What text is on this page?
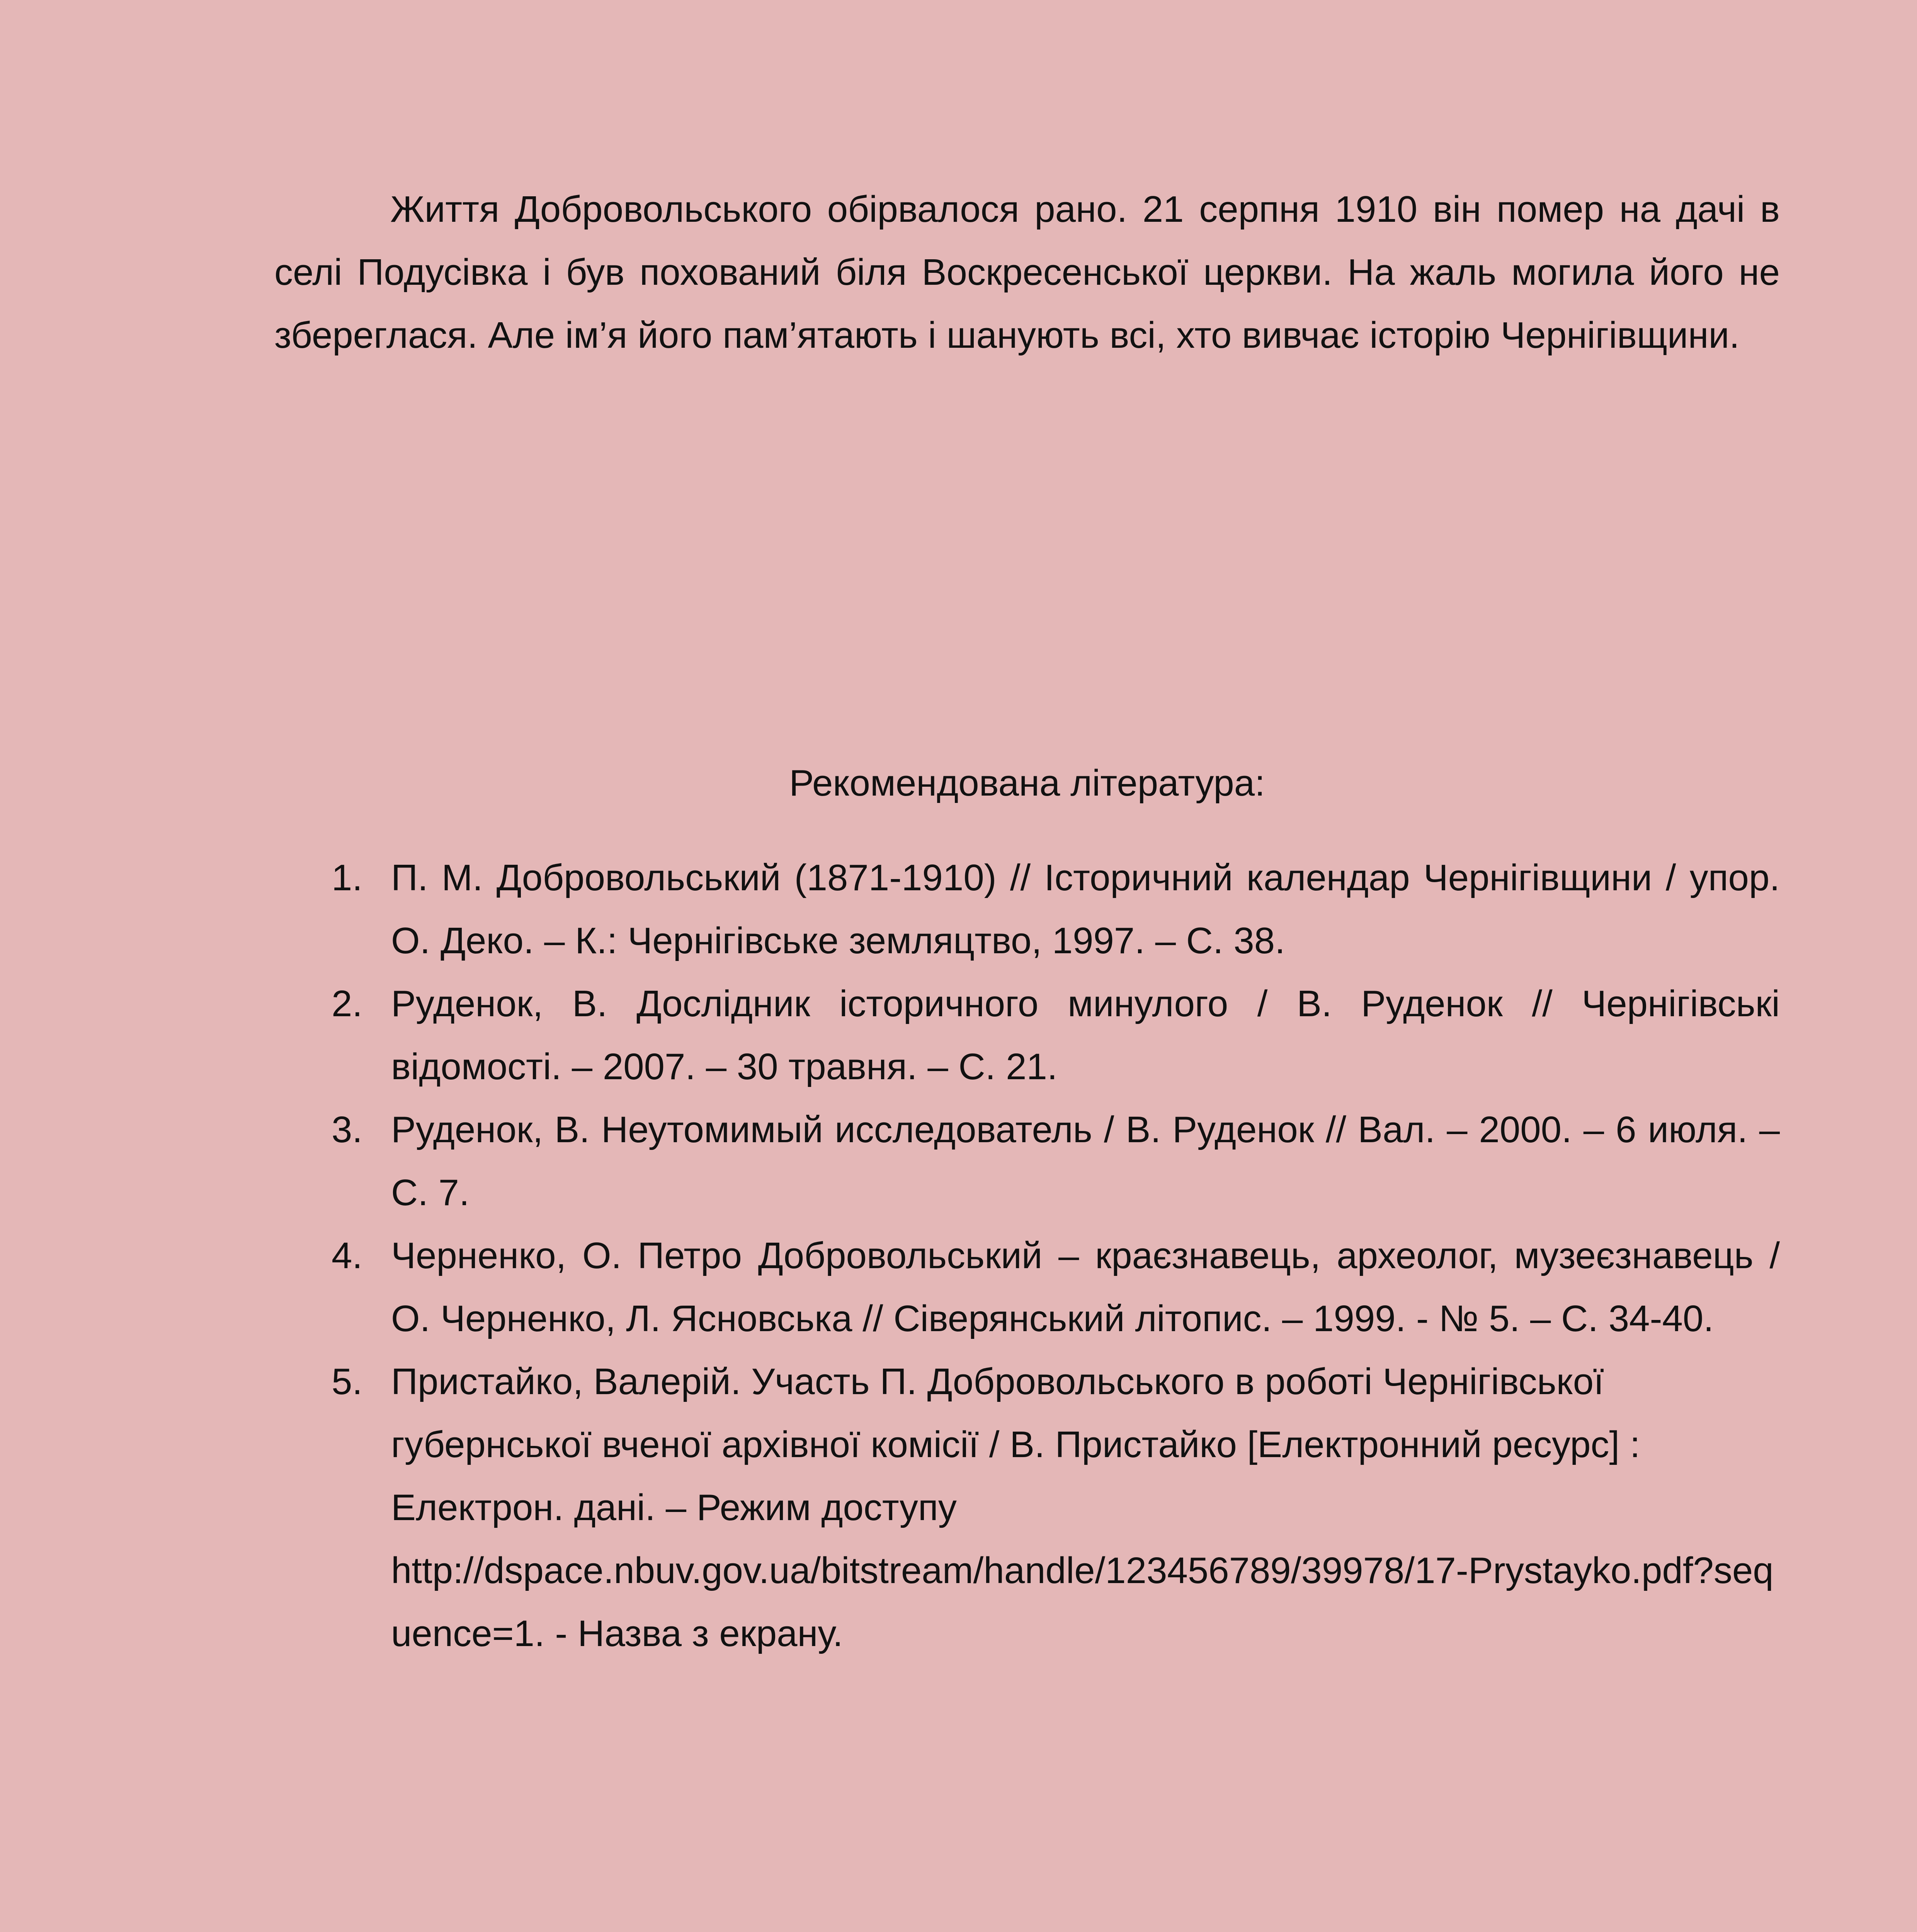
Життя Добровольського обірвалося рано. 21 серпня 1910 він помер на дачі в селі Подусівка і був похований біля Воскресенської церкви. На жаль могила його не збереглася. Але ім’я його пам’ятають і шанують всі, хто вивчає історію Чернігівщини.

Рекомендована література:
1. П. М. Добровольський (1871-1910) // Історичний календар Чернігівщини / упор. О. Деко. – К.: Чернігівське земляцтво, 1997. – С. 38.
2. Руденок, В. Дослідник історичного минулого / В. Руденок // Чернігівські відомості. – 2007. – 30 травня. – С. 21.
3. Руденок, В. Неутомимый исследователь / В. Руденок // Вал. – 2000. – 6 июля. – С. 7.
4. Черненко, О. Петро Добровольський – краєзнавець, археолог, музеєзнавець / О. Черненко, Л. Ясновська // Сіверянський літопис. – 1999. - № 5. – С. 34-40.
5. Пристайко, Валерій. Участь П. Добровольського в роботі Чернігівської губернської вченої архівної комісії / В. Пристайко [Електронний ресурс] : Електрон. дані. – Режим доступу
http://dspace.nbuv.gov.ua/bitstream/handle/123456789/39978/17-Prystayko.pdf?sequence=1. - Назва з екрану.
